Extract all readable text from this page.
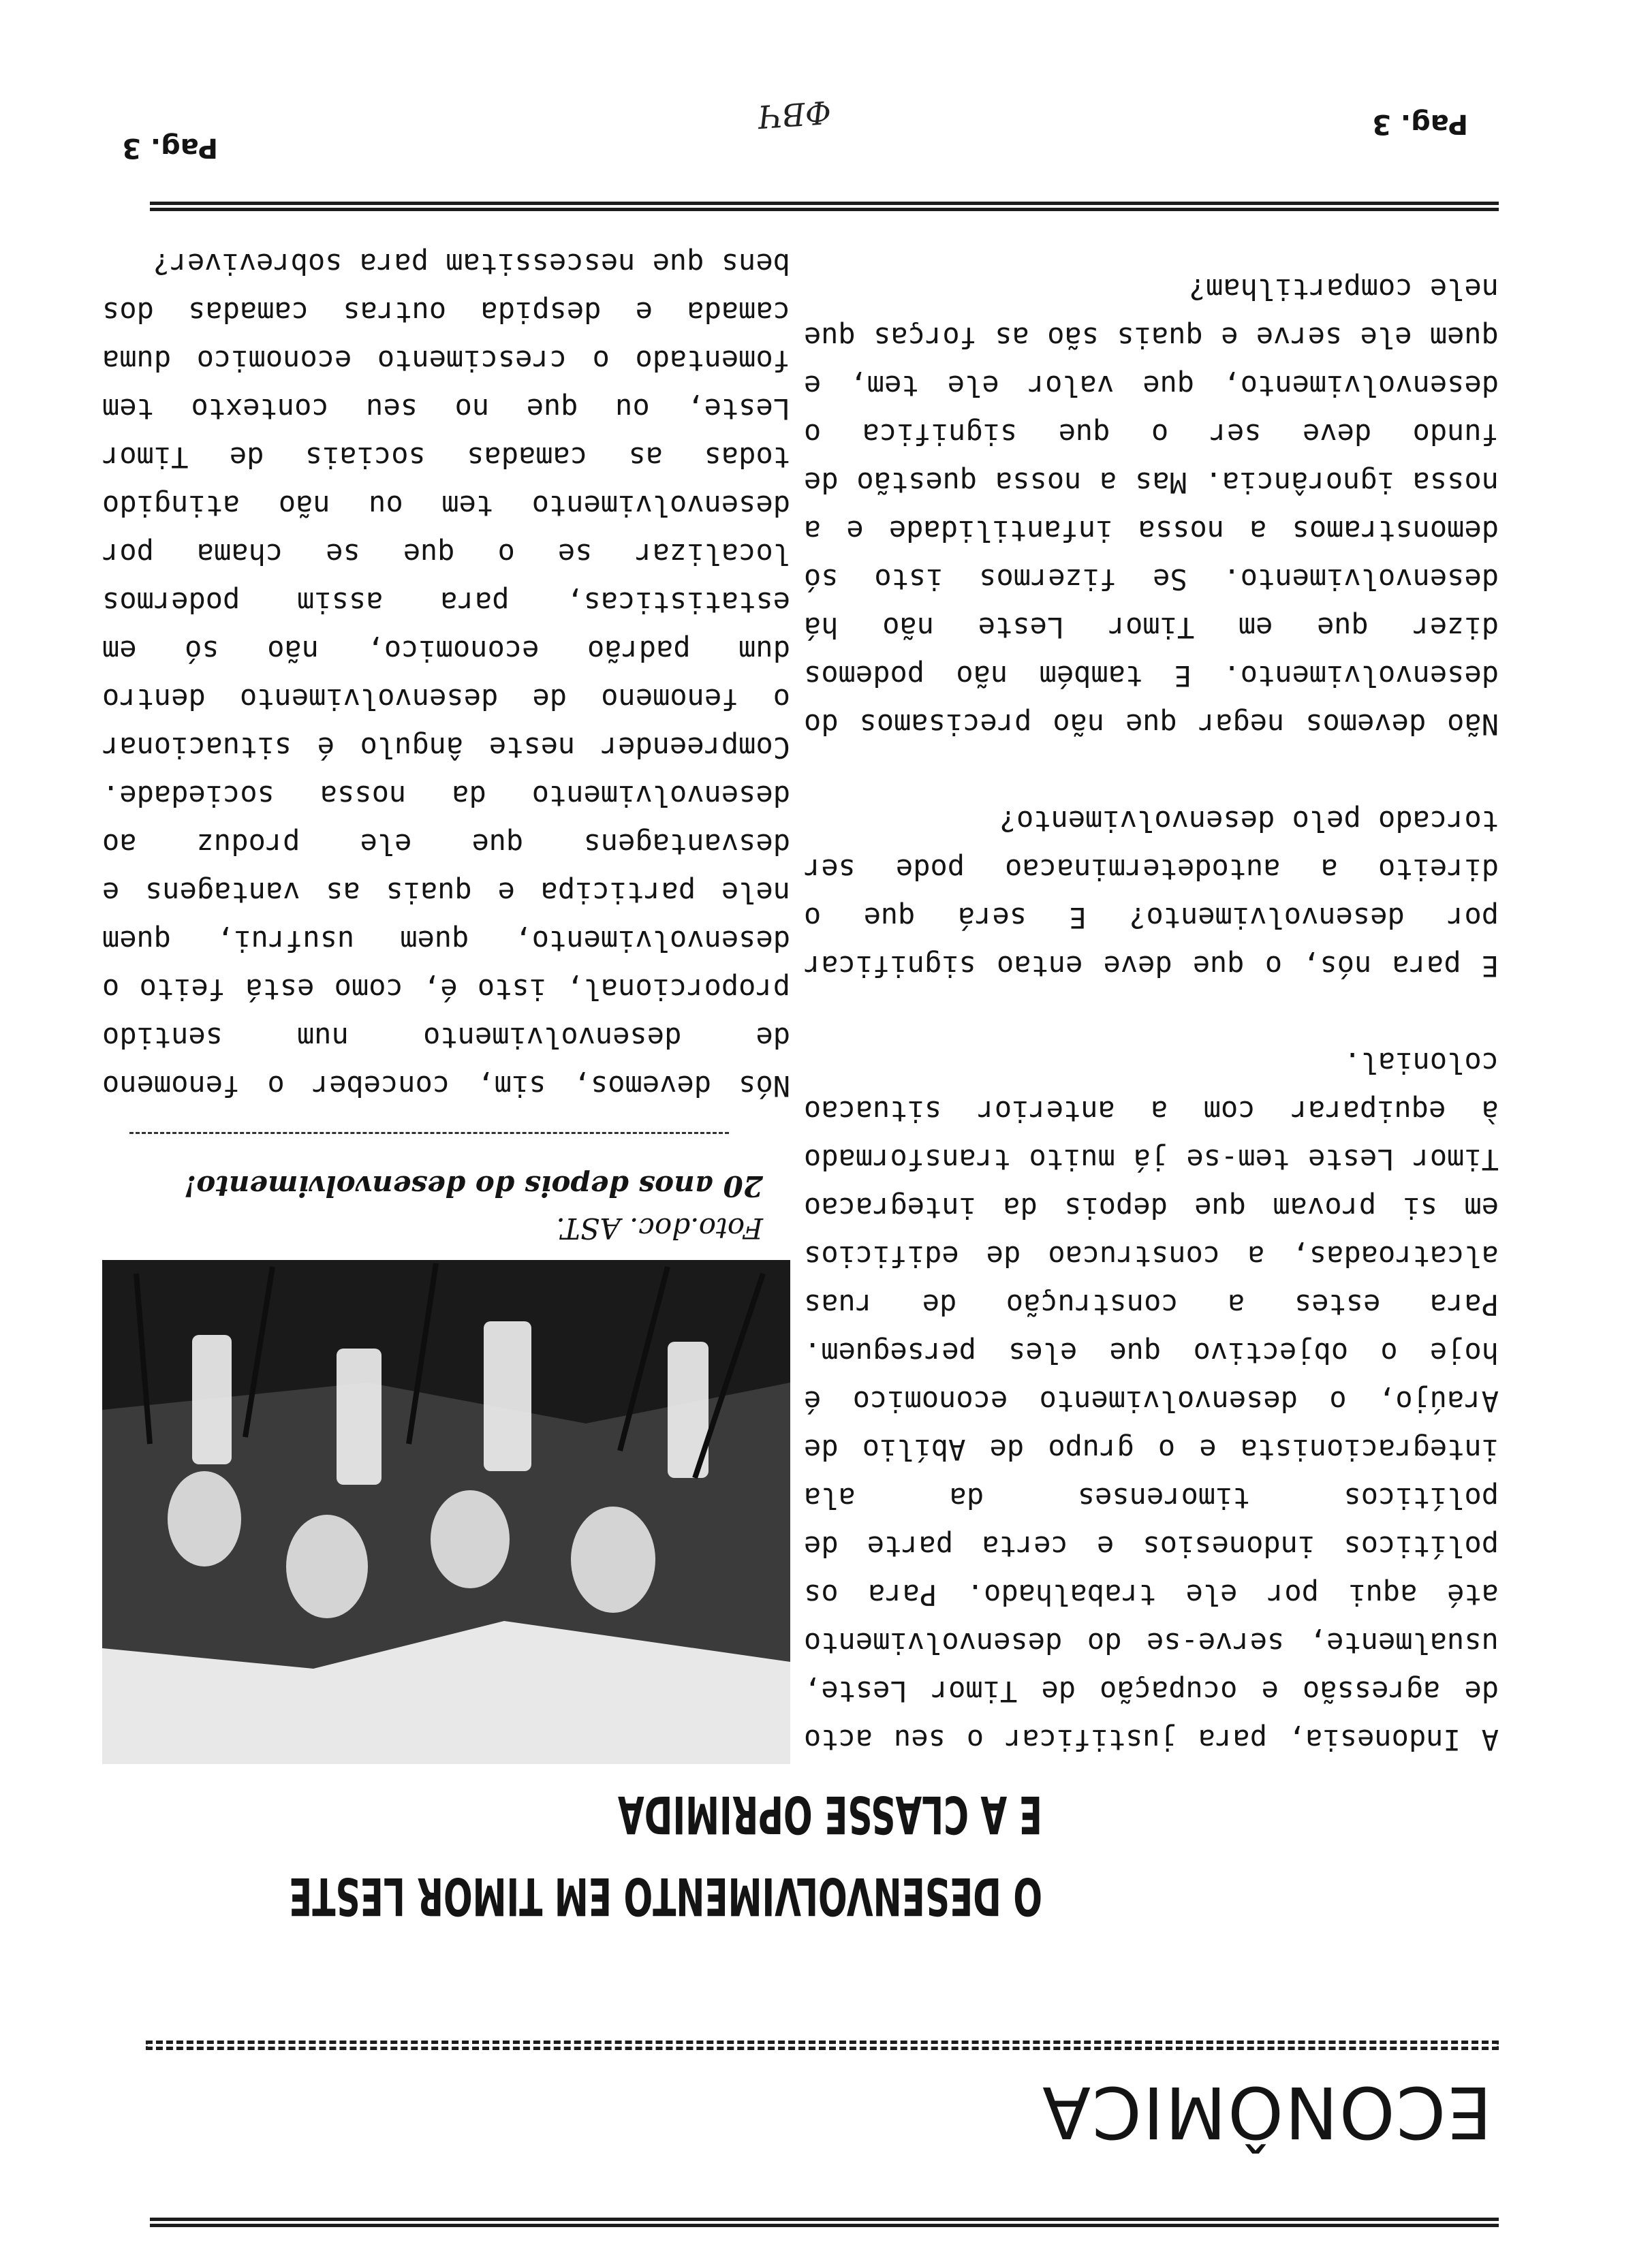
ECONÔMICA
O DESENVOLVIMENTO EM TIMOR LESTE
E A CLASSE OPRIMIDA
Foto.doc. AST.
20 anos depois do desenvolvimento!

A Indonesia, para justificar o seu acto de agressão e ocupação de Timor Leste, usualmente, serve-se do desenvolvimento até aqui por ele trabalhado. Para os políticos indonesios e certa parte de políticos timorenses da ala integracionista e o grupo de Abílio de Araújo, o desenvolvimento economico é hoje o objectivo que eles perseguem. Para estes a construção de ruas alcatroadas, a construcao de edificios em si provam que depois da integracao Timor Leste tem-se já muito transformado à equiparar com a anterior situacao colonial.

E para nós, o que deve entao significar por desenvolvimento? E será que o direito a autodeterminacao pode ser torcado pelo desenvolvimento?

Não devemos negar que não precisamos do desenvolvimento. E também não podemos dizer que em Timor Leste não há desenvolvimento. Se fizermos isto só demonstramos a nossa infantilidade e a nossa ignorância. Mas a nossa questão de fundo deve ser o que significa o desenvolvimento, que valor ele tem, e quem ele serve e quais são as forças que nele compartilham?

Nós devemos, sim, conceber o fenomeno de desenvolvimento num sentido proporcional, isto é, como está feito o desenvolvimento, quem usufrui, quem nele participa e quais as vantagens e desvantagens que ele produz ao desenvolvimento da nossa sociedade. Compreender neste ângulo é situacionar o fenomeno de desenvolvimento dentro dum padrão economico, não só em estatisticas, para assim podermos localizar se o que se chama por desenvolvimento tem ou não atingido todas as camadas sociais de Timor Leste, ou que no seu contexto tem fomentado o crescimento economico duma camada e despida outras camadas dos bens que nescessitam para sobreviver?

Pag. 3
ФВЧ
Pag. 3
